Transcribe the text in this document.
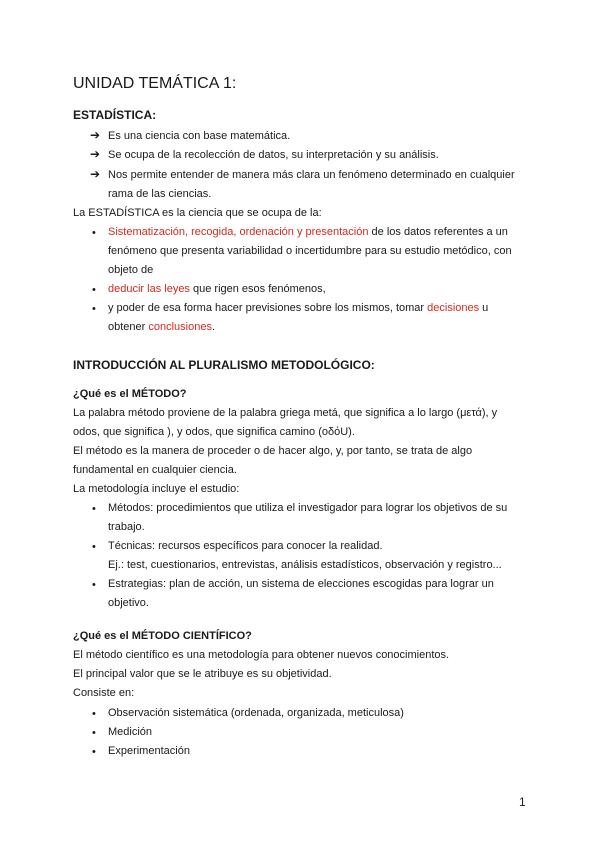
UNIDAD TEMÁTICA 1:
ESTADÍSTICA:
➔ Es una ciencia con base matemática.
➔ Se ocupa de la recolección de datos, su interpretación y su análisis.
➔ Nos permite entender de manera más clara un fenómeno determinado en cualquier
rama de las ciencias.
La ESTADÍSTICA es la ciencia que se ocupa de la:
• Sistematización, recogida, ordenación y presentación de los datos referentes a un
fenómeno que presenta variabilidad o incertidumbre para su estudio metódico, con
objeto de
• deducir las leyes que rigen esos fenómenos,
• y poder de esa forma hacer previsiones sobre los mismos, tomar decisiones u
obtener conclusiones.
INTRODUCCIÓN AL PLURALISMO METODOLÓGICO:
¿Qué es el MÉTODO?
La palabra método proviene de la palabra griega metá, que significa a lo largo (μετά), y
odos, que significa ), y odos, que significa camino (οδόU).
El método es la manera de proceder o de hacer algo, y, por tanto, se trata de algo
fundamental en cualquier ciencia.
La metodología incluye el estudio:
• Métodos: procedimientos que utiliza el investigador para lograr los objetivos de su
trabajo.
• Técnicas: recursos específicos para conocer la realidad.
Ej.: test, cuestionarios, entrevistas, análisis estadísticos, observación y registro...
• Estrategias: plan de acción, un sistema de elecciones escogidas para lograr un
objetivo.
¿Qué es el MÉTODO CIENTÍFICO?
El método científico es una metodología para obtener nuevos conocimientos.
El principal valor que se le atribuye es su objetividad.
Consiste en:
• Observación sistemática (ordenada, organizada, meticulosa)
• Medición
• Experimentación
1
